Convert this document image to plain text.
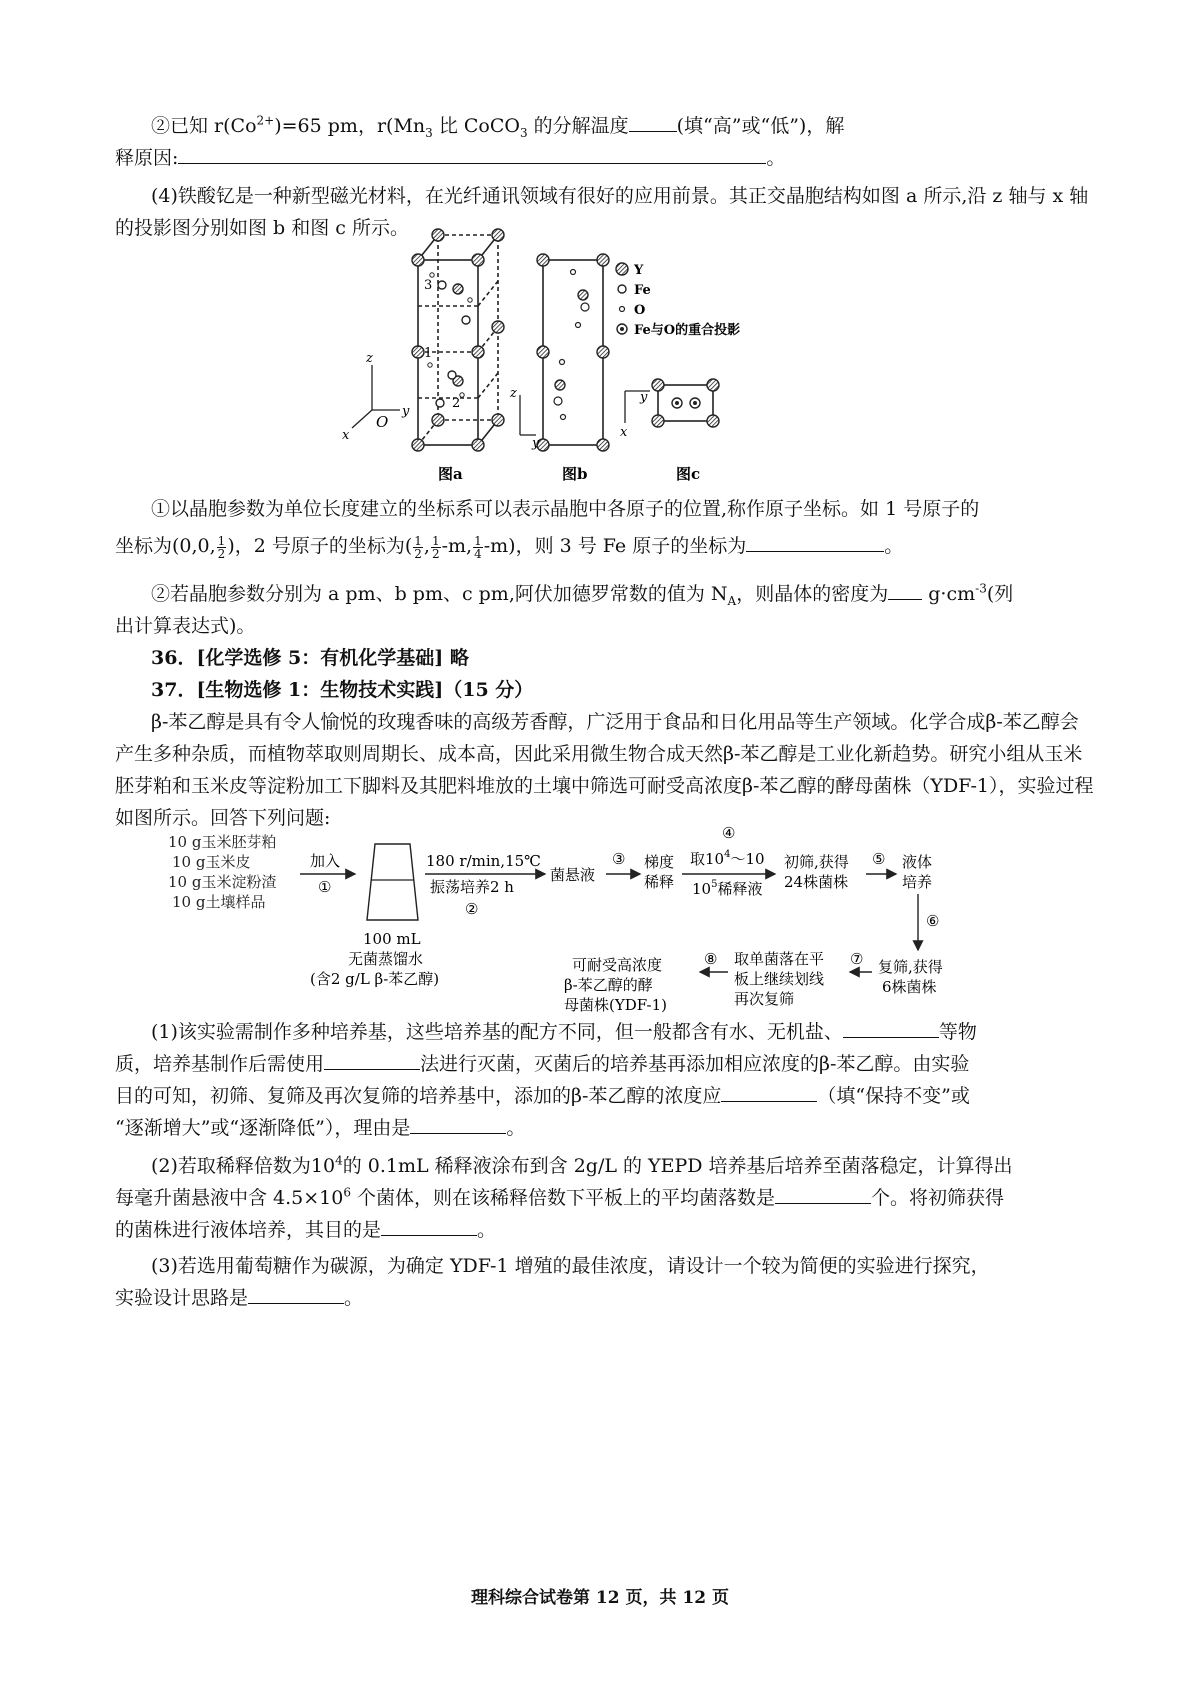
②已知 $r(Co^{2+})=65$ pm，$r(Mn_3$ 比 CoCO$_3$ 的分解温度	(填“高”或“低”)，解

释原因:	。

(4)铁酸钇是一种新型磁光材料，在光纤通讯领域有很好的应用前景。其正交晶胞结构如图 a 所示,沿 z 轴与 x 轴的投影图分别如图 b 和图 c 所示。

3
1
2
z
y
x
O
z
y
Y
Fe
O
Fe与O的重合投影
y
x
图a	图b	图c

①以晶胞参数为单位长度建立的坐标系可以表示晶胞中各原子的位置,称作原子坐标。如 1 号原子的

坐标为(0,0, $\frac{1}{2}$ )，2 号原子的坐标为( $\frac{1}{2}$ , $\frac{1}{2} -m$, $\frac{1}{4} -m$)，则 3 号 Fe 原子的坐标为	。

②若晶胞参数分别为 a pm、b pm、c pm,阿伏加德罗常数的值为 $N_A$，则晶体的密度为 $g\cdot cm^{-3}$(列

出计算表达式)。

36．[化学选修 5：有机化学基础] 略

37．[生物选修 1：生物技术实践]（15 分）

β-苯乙醇是具有令人愉悦的玫瑰香味的高级芳香醇，广泛用于食品和日化用品等生产领域。化学合成β-苯乙醇会产生多种杂质，而植物萃取则周期长、成本高，因此采用微生物合成天然β-苯乙醇是工业化新趋势。研究小组从玉米胚芽粕和玉米皮等淀粉加工下脚料及其肥料堆放的土壤中筛选可耐受高浓度β-苯乙醇的酵母菌株（YDF-1），实验过程如图所示。回答下列问题:

10 g玉米胚芽粕
10 g玉米皮
10 g玉米淀粉渣
10 g土壤样品
加入
①
100 mL
无菌蒸馏水
(含2 g/L β-苯乙醇)
180 r/min,15℃
振荡培养2 h
②
菌悬液
③ 梯度
稀释
④
取$10^4\sim 10$
$10^5$稀释液
初筛,获得
24株菌株
⑤ 液体
培养
⑥
复筛,获得
6株菌株
⑦
取单菌落在平
板上继续划线
再次复筛
⑧
可耐受高浓度
β-苯乙醇的酵
母菌株(YDF-1)

(1)该实验需制作多种培养基，这些培养基的配方不同，但一般都含有水、无机盐、	等物

质，培养基制作后需使用	法进行灭菌，灭菌后的培养基再添加相应浓度的β-苯乙醇。由实验

目的可知，初筛、复筛及再次复筛的培养基中，添加的β-苯乙醇的浓度应	（填“保持不变”或

“逐渐增大”或“逐渐降低”），理由是	。

(2)若取稀释倍数为$10^4$的 0.1mL 稀释液涂布到含 2g/L 的 YEPD 培养基后培养至菌落稳定，计算得出

每毫升菌悬液中含 $4.5\times 10^6$ 个菌体，则在该稀释倍数下平板上的平均菌落数是	个。将初筛获得

的菌株进行液体培养，其目的是	。

(3)若选用葡萄糖作为碳源，为确定 YDF-1 增殖的最佳浓度，请设计一个较为简便的实验进行探究，

实验设计思路是	。

理科综合试卷第 12 页，共 12 页
